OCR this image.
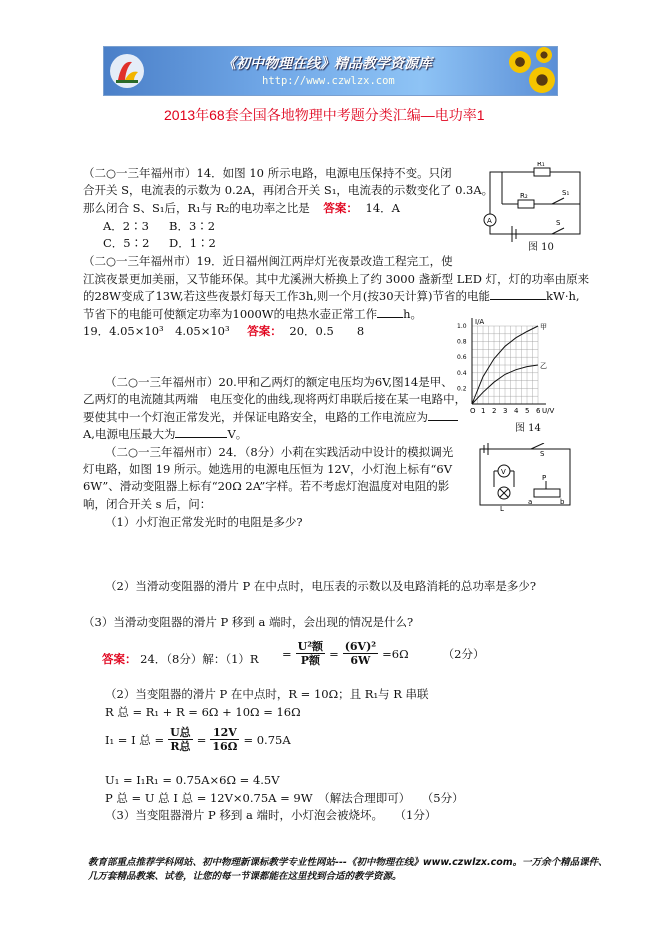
《初中物理在线》精品教学资源库
http://www.czwlzx.com
2013年68套全国各地物理中考题分类汇编—电功率1
（二○一三年福州市）14．如图 10 所示电路，电源电压保持不变。只闭
合开关 S，电流表的示数为 0.2A，再闭合开关 S₁，电流表的示数变化了 0.3A。
那么闭合 S、S₁后，R₁与 R₂的电功率之比是 答案： 14．A
A．2∶3 B．3∶2
C．5∶2 D．1∶2
R₁
R₂	S₁
S
A
图 10
（二○一三年福州市）19．近日福州闽江两岸灯光夜景改造工程完工，使
江滨夜景更加美丽，又节能环保。其中尤溪洲大桥换上了约 3000 盏新型 LED 灯，灯的功率由原来
的28W变成了13W,若这些夜景灯每天工作3h,则一个月(按30天计算)节省的电能	kW·h,
节省下的电能可使额定功率为1000W的电热水壶正常工作 h。
19．4.05×10³　4.05×10³ 答案： 20．0.5　　8
O 1 2 3 4 5 6
0.2
0.4
0.6
0.8
1.0
U/V
I/A
甲
乙
图 14
（二○一三年福州市）20.甲和乙两灯的额定电压均为6V,图14是甲、
乙两灯的电流随其两端　电压变化的曲线,现将两灯串联后接在某一电路中，
要使其中一个灯泡正常发光，并保证电路安全，电路的工作电流应为
A,电源电压最大为	V。
（二○一三年福州市）24．（8分）小莉在实践活动中设计的模拟调光
灯电路，如图 19 所示。她选用的电源电压恒为 12V，小灯泡上标有“6V
6W”、滑动变阻器上标有“20Ω 2A”字样。若不考虑灯泡温度对电阻的影
响，闭合开关 s 后，问：
（1）小灯泡正常发光时的电阻是多少?
S
V
L
P
a	b
（2）当滑动变阻器的滑片 P 在中点时，电压表的示数以及电路消耗的总功率是多少?
（3）当滑动变阻器的滑片 P 移到 a 端时，会出现的情况是什么?
答案： 24．（8分）解：$(1)R = \frac{\text{U²额}}{\text{P额}} = \frac{\text{(6V)²}}{6W} =6\Omega$	（2分）
（2）当变阻器的滑片 P 在中点时，R = 10Ω；且 R₁与 R 串联
R 总 = R₁ + R = 6Ω + 10Ω = 16Ω
I₁ = I 总 = $\frac{\text{U总}}{\text{R总}} = \frac{12V}{16\Omega} = 0.75A$
U₁ = I₁R₁ = 0.75A×6Ω = 4.5V
P 总 = U 总 I 总 = 12V×0.75A = 9W　（解法合理即可）　　（5分）
（3）当变阻器滑片 P 移到 a 端时，小灯泡会被烧坏。　　（1分）
教育部重点推荐学科网站、初中物理新课标教学专业性网站---《初中物理在线》www.czwlzx.com。一万余个精品课件、几万套精品教案、试卷，让您的每一节课都能在这里找到合适的教学资源。
